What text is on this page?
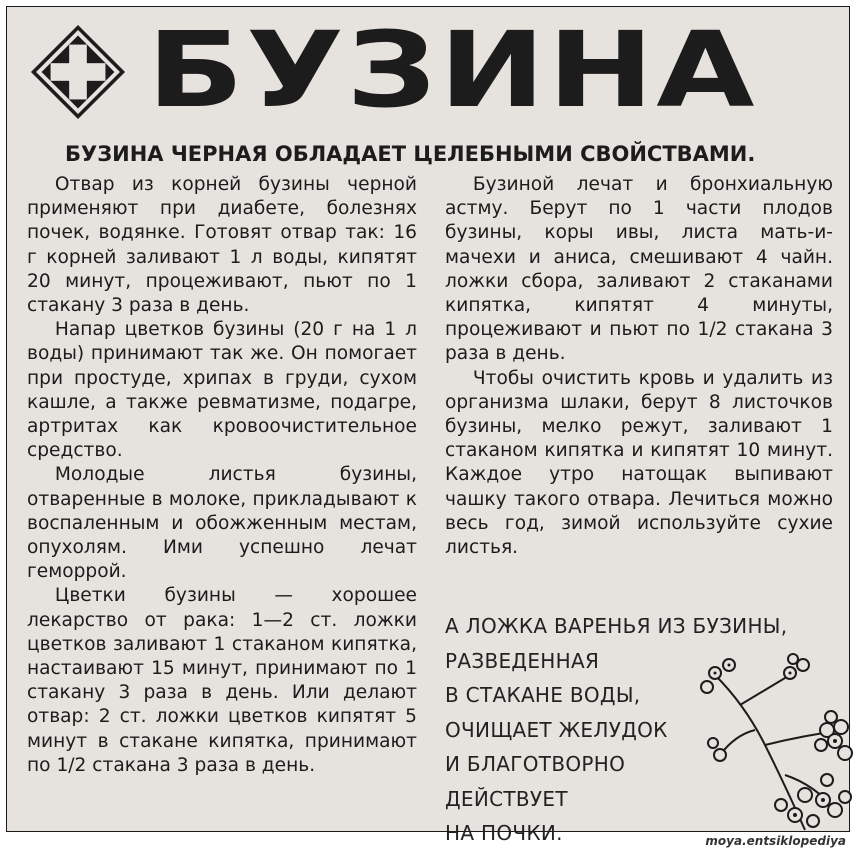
БУЗИНА
БУЗИНА ЧЕРНАЯ ОБЛАДАЕТ ЦЕЛЕБНЫМИ СВОЙСТВАМИ.

Отвар из корней бузины черной применяют при диабете, болезнях почек, водянке. Готовят отвар так: 16 г корней заливают 1 л воды, кипятят 20 минут, процеживают, пьют по 1 стакану 3 раза в день.

Напар цветков бузины (20 г на 1 л воды) принимают так же. Он помогает при простуде, хрипах в груди, сухом кашле, а также ревматизме, подагре, артритах как кровоочистительное средство.

Молодые листья бузины, отваренные в молоке, прикладывают к воспаленным и обожженным местам, опухолям. Ими успешно лечат геморрой.

Цветки бузины — хорошее лекарство от рака: 1—2 ст. ложки цветков заливают 1 стаканом кипятка, настаивают 15 минут, принимают по 1 стакану 3 раза в день. Или делают отвар: 2 ст. ложки цветков кипятят 5 минут в стакане кипятка, принимают по 1/2 стакана 3 раза в день.

Бузиной лечат и бронхиальную астму. Берут по 1 части плодов бузины, коры ивы, листа мать-и-мачехи и аниса, смешивают 4 чайн. ложки сбора, заливают 2 стаканами кипятка, кипятят 4 минуты, процеживают и пьют по 1/2 стакана 3 раза в день.

Чтобы очистить кровь и удалить из организма шлаки, берут 8 листочков бузины, мелко режут, заливают 1 стаканом кипятка и кипятят 10 минут. Каждое утро натощак выпивают чашку такого отвара. Лечиться можно весь год, зимой используйте сухие листья.

А ЛОЖКА ВАРЕНЬЯ ИЗ БУЗИНЫ,
РАЗВЕДЕННАЯ
В СТАКАНЕ ВОДЫ,
ОЧИЩАЕТ ЖЕЛУДОК
И БЛАГОТВОРНО
ДЕЙСТВУЕТ
НА ПОЧКИ.	moya.entsiklopediya
